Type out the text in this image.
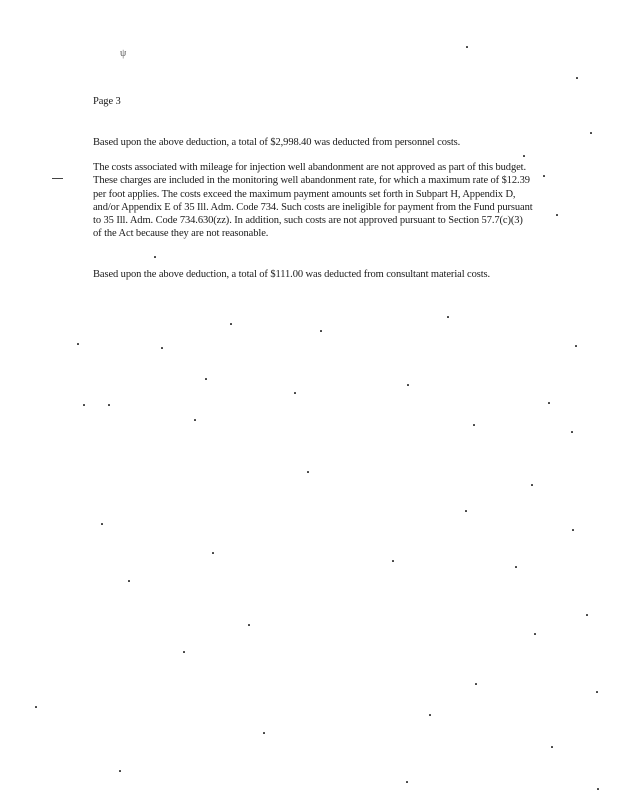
ψ
Page 3
Based upon the above deduction, a total of $2,998.40 was deducted from personnel costs.
The costs associated with mileage for injection well abandonment are not approved as part of this budget. These charges are included in the monitoring well abandonment rate, for which a maximum rate of $12.39 per foot applies. The costs exceed the maximum payment amounts set forth in Subpart H, Appendix D, and/or Appendix E of 35 Ill. Adm. Code 734. Such costs are ineligible for payment from the Fund pursuant to 35 Ill. Adm. Code 734.630(zz). In addition, such costs are not approved pursuant to Section 57.7(c)(3) of the Act because they are not reasonable.
Based upon the above deduction, a total of $111.00 was deducted from consultant material costs.
